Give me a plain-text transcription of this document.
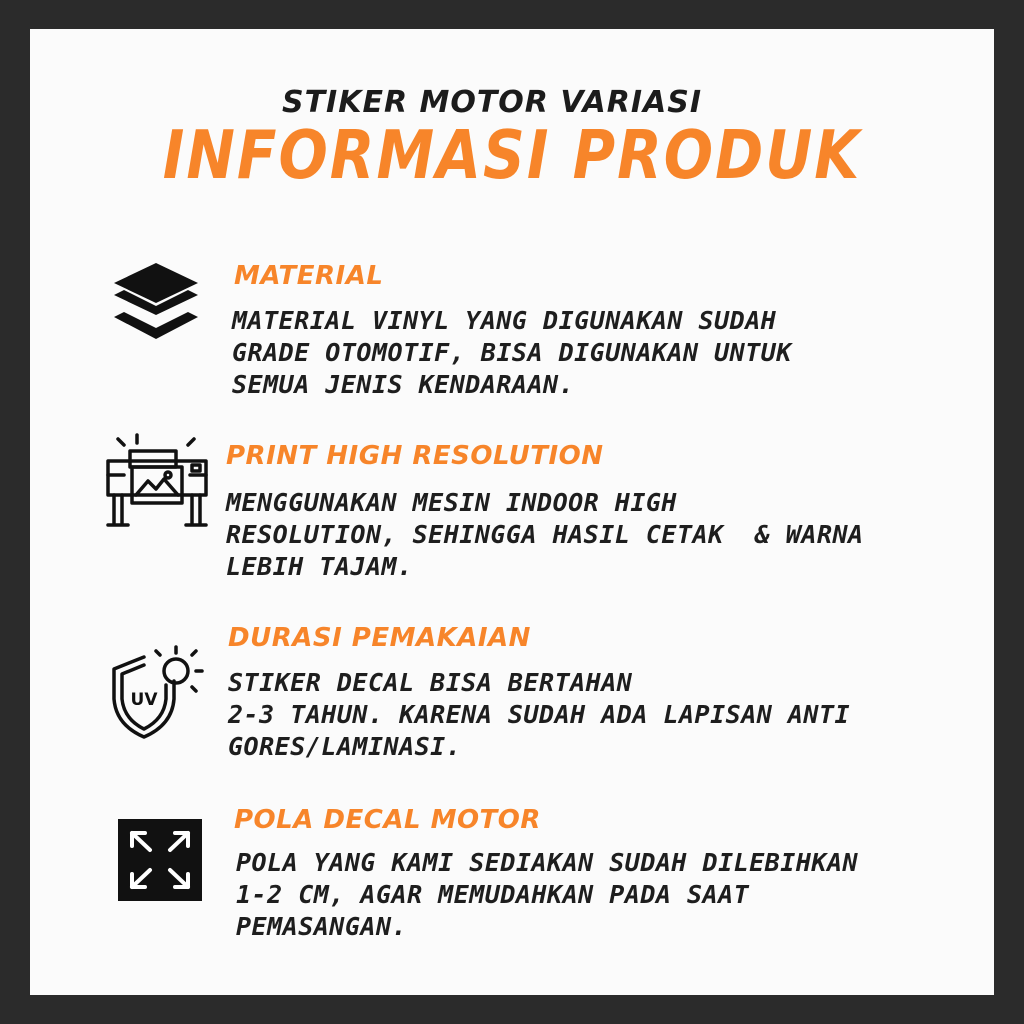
STIKER MOTOR VARIASI
INFORMASI PRODUK
MATERIAL
MATERIAL VINYL YANG DIGUNAKAN SUDAH
GRADE OTOMOTIF, BISA DIGUNAKAN UNTUK
SEMUA JENIS KENDARAAN.
PRINT HIGH RESOLUTION
MENGGUNAKAN MESIN INDOOR HIGH
RESOLUTION, SEHINGGA HASIL CETAK  & WARNA
LEBIH TAJAM.
UV
DURASI PEMAKAIAN
STIKER DECAL BISA BERTAHAN
2-3 TAHUN. KARENA SUDAH ADA LAPISAN ANTI
GORES/LAMINASI.
POLA DECAL MOTOR
POLA YANG KAMI SEDIAKAN SUDAH DILEBIHKAN
1-2 CM, AGAR MEMUDAHKAN PADA SAAT
PEMASANGAN.
